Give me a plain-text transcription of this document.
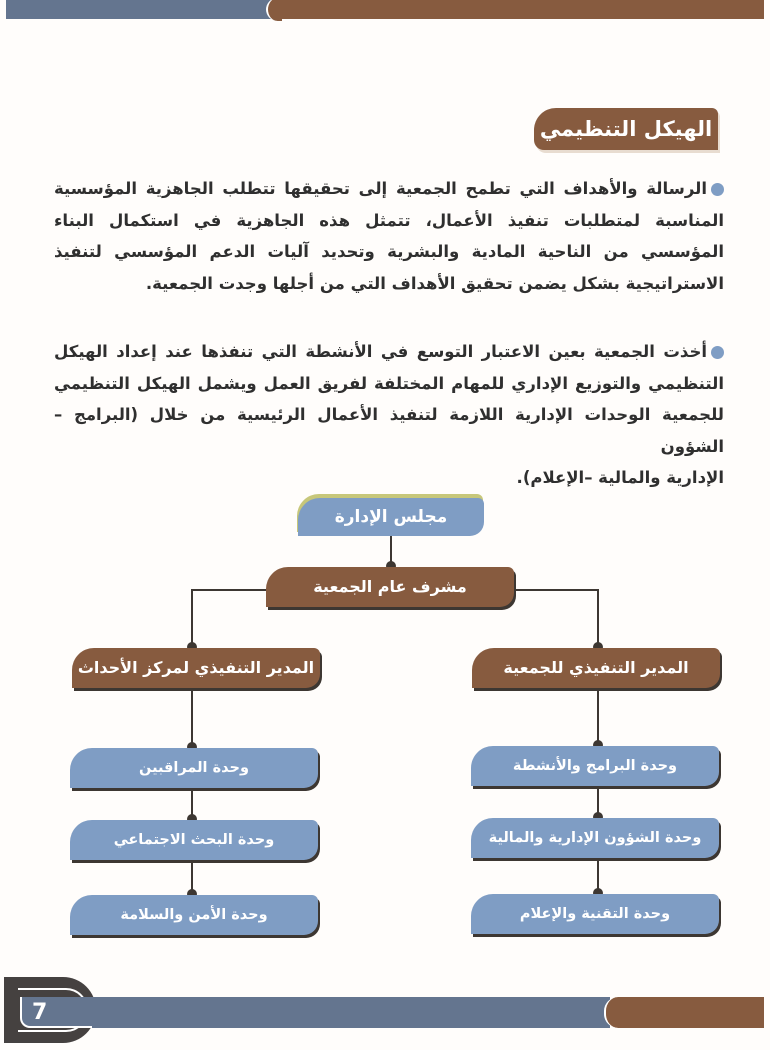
الهيكل التنظيمي
الرسالة والأهداف التي تطمح الجمعية إلى تحقيقها تتطلب الجاهزية المؤسسية المناسبة لمتطلبات تنفيذ الأعمال، تتمثل هذه الجاهزية في استكمال البناء المؤسسي من الناحية المادية والبشرية وتحديد آليات الدعم المؤسسي لتنفيذ الاستراتيجية بشكل يضمن تحقيق الأهداف التي من أجلها وجدت الجمعية.
أخذت الجمعية بعين الاعتبار التوسع في الأنشطة التي تنفذها عند إعداد الهيكل التنظيمي والتوزيع الإداري للمهام المختلفة لفريق العمل ويشمل الهيكل التنظيمي للجمعية الوحدات الإدارية اللازمة لتنفيذ الأعمال الرئيسية من خلال (البرامج –الشؤون
الإدارية والمالية –الإعلام).
مجلس الإدارة
مشرف عام الجمعية
المدير التنفيذي للجمعية
المدير التنفيذي لمركز الأحداث
وحدة البرامج والأنشطة
وحدة الشؤون الإدارية والمالية
وحدة التقنية والإعلام
وحدة المراقبين
وحدة البحث الاجتماعي
وحدة الأمن والسلامة
7
